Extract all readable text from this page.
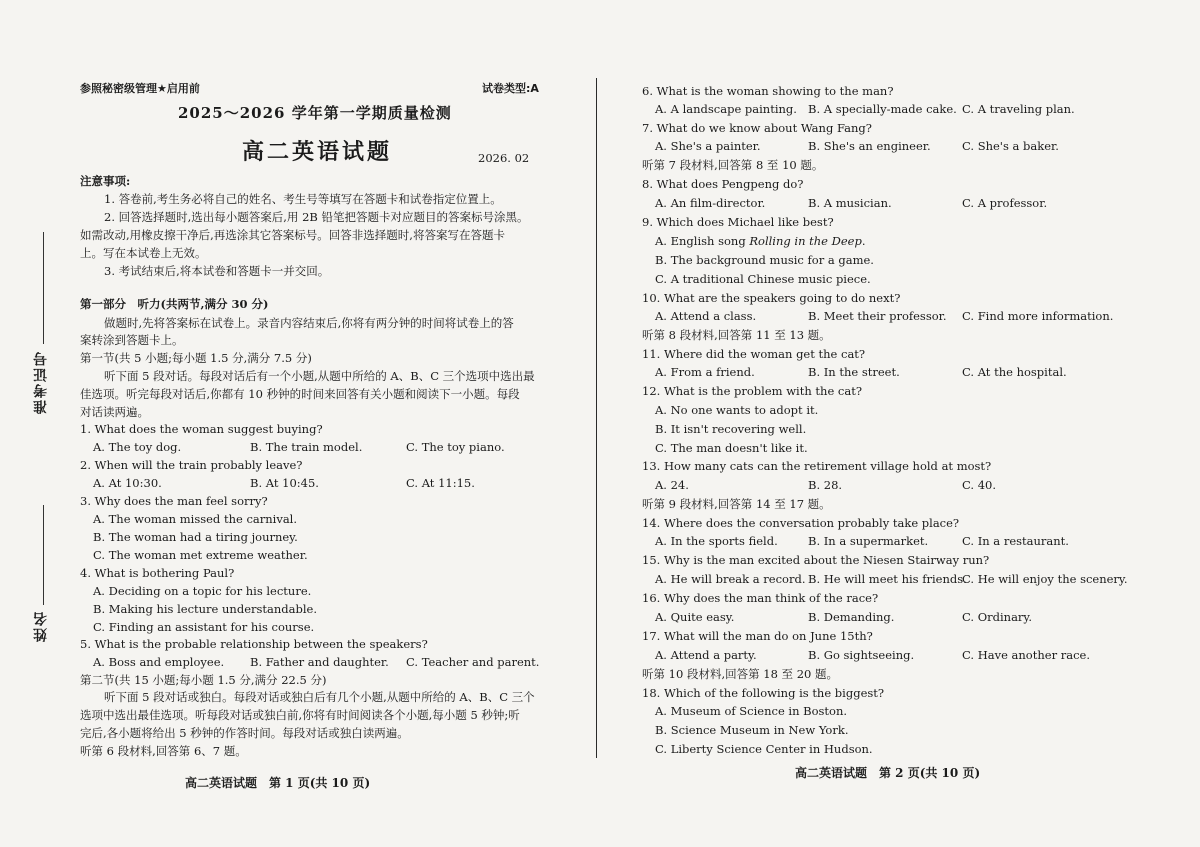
准考证号
姓名
参照秘密级管理★启用前	试卷类型:A
2025～2026 学年第一学期质量检测
高二英语试题	2026. 02
注意事项:
1. 答卷前,考生务必将自己的姓名、考生号等填写在答题卡和试卷指定位置上。
2. 回答选择题时,选出每小题答案后,用 2B 铅笔把答题卡对应题目的答案标号涂黑。
如需改动,用橡皮擦干净后,再选涂其它答案标号。回答非选择题时,将答案写在答题卡
上。写在本试卷上无效。
3. 考试结束后,将本试卷和答题卡一并交回。
第一部分　听力(共两节,满分 30 分)
做题时,先将答案标在试卷上。录音内容结束后,你将有两分钟的时间将试卷上的答
案转涂到答题卡上。
第一节(共 5 小题;每小题 1.5 分,满分 7.5 分)
听下面 5 段对话。每段对话后有一个小题,从题中所给的 A、B、C 三个选项中选出最
佳选项。听完每段对话后,你都有 10 秒钟的时间来回答有关小题和阅读下一小题。每段
对话读两遍。
1. What does the woman suggest buying?
A. The toy dog.	B. The train model.	C. The toy piano.
2. When will the train probably leave?
A. At 10:30.	B. At 10:45.	C. At 11:15.
3. Why does the man feel sorry?
A. The woman missed the carnival.
B. The woman had a tiring journey.
C. The woman met extreme weather.
4. What is bothering Paul?
A. Deciding on a topic for his lecture.
B. Making his lecture understandable.
C. Finding an assistant for his course.
5. What is the probable relationship between the speakers?
A. Boss and employee. B. Father and daughter. C. Teacher and parent.
第二节(共 15 小题;每小题 1.5 分,满分 22.5 分)
听下面 5 段对话或独白。每段对话或独白后有几个小题,从题中所给的 A、B、C 三个
选项中选出最佳选项。听每段对话或独白前,你将有时间阅读各个小题,每小题 5 秒钟;听
完后,各小题将给出 5 秒钟的作答时间。每段对话或独白读两遍。
听第 6 段材料,回答第 6、7 题。
高二英语试题　第 1 页(共 10 页)
6. What is the woman showing to the man?
A. A landscape painting. B. A specially-made cake. C. A traveling plan.
7. What do we know about Wang Fang?
A. She's a painter.	B. She's an engineer.	C. She's a baker.
听第 7 段材料,回答第 8 至 10 题。
8. What does Pengpeng do?
A. An film-director.	B. A musician.	C. A professor.
9. Which does Michael like best?
A. English song Rolling in the Deep.
B. The background music for a game.
C. A traditional Chinese music piece.
10. What are the speakers going to do next?
A. Attend a class.	B. Meet their professor. C. Find more information.
听第 8 段材料,回答第 11 至 13 题。
11. Where did the woman get the cat?
A. From a friend.	B. In the street.	C. At the hospital.
12. What is the problem with the cat?
A. No one wants to adopt it.
B. It isn't recovering well.
C. The man doesn't like it.
13. How many cats can the retirement village hold at most?
A. 24.	B. 28.	C. 40.
听第 9 段材料,回答第 14 至 17 题。
14. Where does the conversation probably take place?
A. In the sports field.	B. In a supermarket.	C. In a restaurant.
15. Why is the man excited about the Niesen Stairway run?
A. He will break a record. B. He will meet his friends.
C. He will enjoy the scenery.
16. Why does the man think of the race?
A. Quite easy.	B. Demanding.	C. Ordinary.
17. What will the man do on June 15th?
A. Attend a party.	B. Go sightseeing.	C. Have another race.
听第 10 段材料,回答第 18 至 20 题。
18. Which of the following is the biggest?
A. Museum of Science in Boston.
B. Science Museum in New York.
C. Liberty Science Center in Hudson.
高二英语试题　第 2 页(共 10 页)
